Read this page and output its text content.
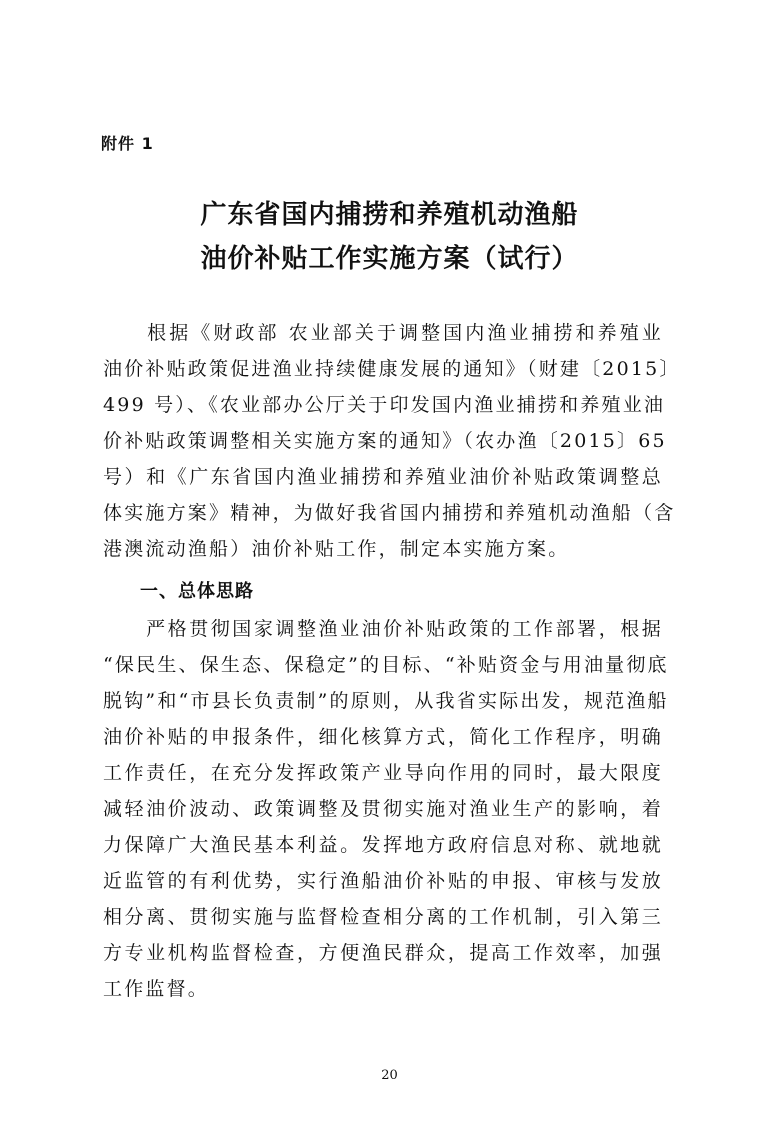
附件 1
广东省国内捕捞和养殖机动渔船
油价补贴工作实施方案（试行）
　　根据《财政部 农业部关于调整国内渔业捕捞和养殖业
油价补贴政策促进渔业持续健康发展的通知》（财建〔2015〕
499 号）、《农业部办公厅关于印发国内渔业捕捞和养殖业油
价补贴政策调整相关实施方案的通知》（农办渔〔2015〕65
号）和《广东省国内渔业捕捞和养殖业油价补贴政策调整总
体实施方案》精神，为做好我省国内捕捞和养殖机动渔船（含
港澳流动渔船）油价补贴工作，制定本实施方案。
一、总体思路
　　严格贯彻国家调整渔业油价补贴政策的工作部署，根据
“保民生、保生态、保稳定”的目标、“补贴资金与用油量彻底
脱钩”和“市县长负责制”的原则，从我省实际出发，规范渔船
油价补贴的申报条件，细化核算方式，简化工作程序，明确
工作责任，在充分发挥政策产业导向作用的同时，最大限度
减轻油价波动、政策调整及贯彻实施对渔业生产的影响，着
力保障广大渔民基本利益。发挥地方政府信息对称、就地就
近监管的有利优势，实行渔船油价补贴的申报、审核与发放
相分离、贯彻实施与监督检查相分离的工作机制，引入第三
方专业机构监督检查，方便渔民群众，提高工作效率，加强
工作监督。
20
